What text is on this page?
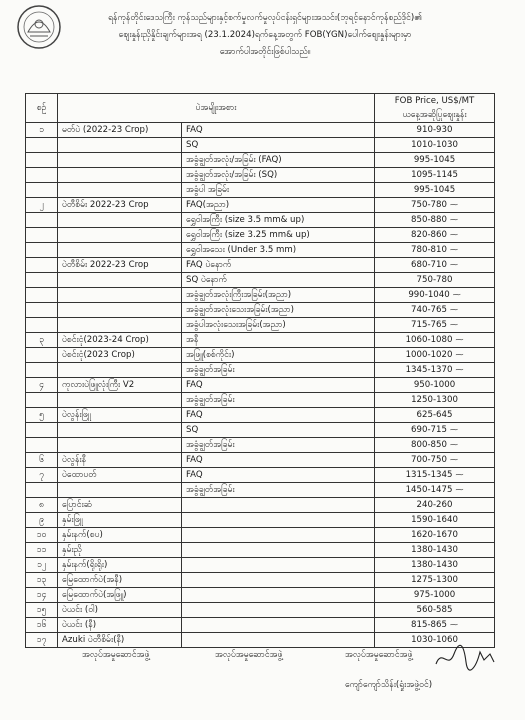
ရန်ကုန်တိုင်းဒေသကြီး ကုန်သည်များနှင့်စက်မှုလက်မှုလုပ်ငန်းရှင်များအသင်း(ဘုရင့်နောင်ကုန်စည်ဒိုင်)၏
စျေးနှုန်းညှိနှိုင်းချက်များအရ (23.1.2024)ရက်နေ့အတွက် FOB(YGN)ပေါက်စျေးနှုန်းများမှာ
အောက်ပါအတိုင်းဖြစ်ပါသည်။
စဉ်	ပဲအမျိုးအစား		FOB Price, US$/MT
ယနေ့အဆိုပြုစျေးနှုန်း

၁	မတ်ပဲ (2022-23 Crop)	FAQ	910-930
		SQ	1010-1030
		အခွံချွတ်အလုံး/အခြမ်း (FAQ)	995-1045
		အခွံချွတ်အလုံး/အခြမ်း (SQ)	1095-1145
		အခွံပါ အခြမ်း	995-1045
၂	ပဲတီစိမ်း 2022-23 Crop	FAQ(အညာ)	750-780 ⁓
		ရွှေဝါအကြီး (size 3.5 mm& up)	850-880 ⁓
		ရွှေဝါအကြီး (size 3.25 mm& up)	820-860 ⁓
		ရွှေဝါအသေး (Under 3.5 mm)	780-810 ⁓
	ပဲတီစိမ်း 2022-23 Crop	FAQ ပဲနောက်	680-710 ⁓
		SQ ပဲနောက်	750-780
		အခွံချွတ်အလုံးကြီးအခြမ်း(အညာ)	990-1040 ⁓
		အခွံချွတ်အလုံးသေးအခြမ်း(အညာ)	740-765 ⁓
		အခွံပါအလုံးသေးအခြမ်း(အညာ)	715-765 ⁓
၃	ပဲစင်းငုံ(2023-24 Crop)	အနီ	1060-1080 ⁓
	ပဲစင်းငုံ(2023 Crop)	အဖြူ(စစ်ကိုင်း)	1000-1020 ⁓
		အခွံချွတ်အခြမ်း	1345-1370 ⁓
၄	ကုလားပဲဖြူလုံးကြီး V2	FAQ	950-1000
		အခွံချွတ်အခြမ်း	1250-1300
၅	ပဲလွန်းဖြူ	FAQ	625-645
		SQ	690-715 ⁓
		အခွံချွတ်အခြမ်း	800-850 ⁓
၆	ပဲလွန်းနီ	FAQ	700-750 ⁓
၇	ပဲထောပတ်	FAQ	1315-1345 ⁓
		အခွံချွတ်အခြမ်း	1450-1475 ⁓
၈	ပြောင်းဆံ		240-260
၉	နှမ်းဖြူ		1590-1640
၁၀	နှမ်းနက်(စပ)		1620-1670
၁၁	နှမ်းညို		1380-1430
၁၂	နှမ်းနက်(ရိုးရိုး)		1380-1430
၁၃	မြေထောက်ပဲ(အနီ)		1275-1300
၁၄	မြေထောက်ပဲ(အဖြူ)		975-1000
၁၅	ပဲယင်း (ဝါ)		560-585
၁၆	ပဲယင်း (နီ)		815-865 ⁓
၁၇	Azuki ပဲတီစိမ်း(နီ)		1030-1060
အလုပ်အမှုဆောင်အဖွဲ့	အလုပ်အမှုဆောင်အဖွဲ့	အလုပ်အမှုဆောင်အဖွဲ့
ကျော်ကျော်သိန်း(ရှုံးအဖွဲ့ဝင်)
